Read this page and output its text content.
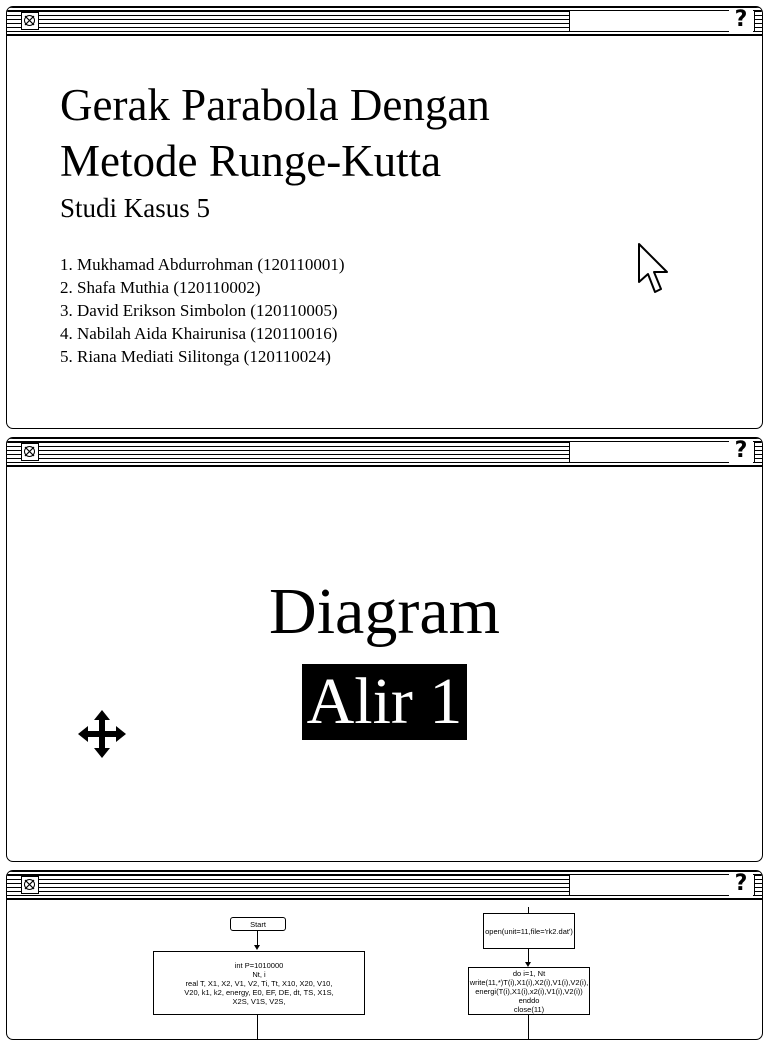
?
Gerak Parabola Dengan
Metode Runge-Kutta
Studi Kasus 5
1. Mukhamad Abdurrohman (120110001)
2. Shafa Muthia (120110002)
3. David Erikson Simbolon (120110005)
4. Nabilah Aida Khairunisa (120110016)
5. Riana Mediati Silitonga (120110024)
?
Diagram
Alir 1
?
Start
int P=1010000
Nt, i
real T, X1, X2, V1, V2, Ti, Tt, X10, X20, V10,
V20, k1, k2, energy, E0, EF, DE, dt, TS, X1S,
X2S, V1S, V2S,
open(unit=11,file='rk2.dat')
do i=1, Nt
write(11,*)T(i),X1(i),X2(i),V1(i),V2(i),
energi(T(i),X1(i),x2(i),V1(i),V2(i))
enddo
close(11)
